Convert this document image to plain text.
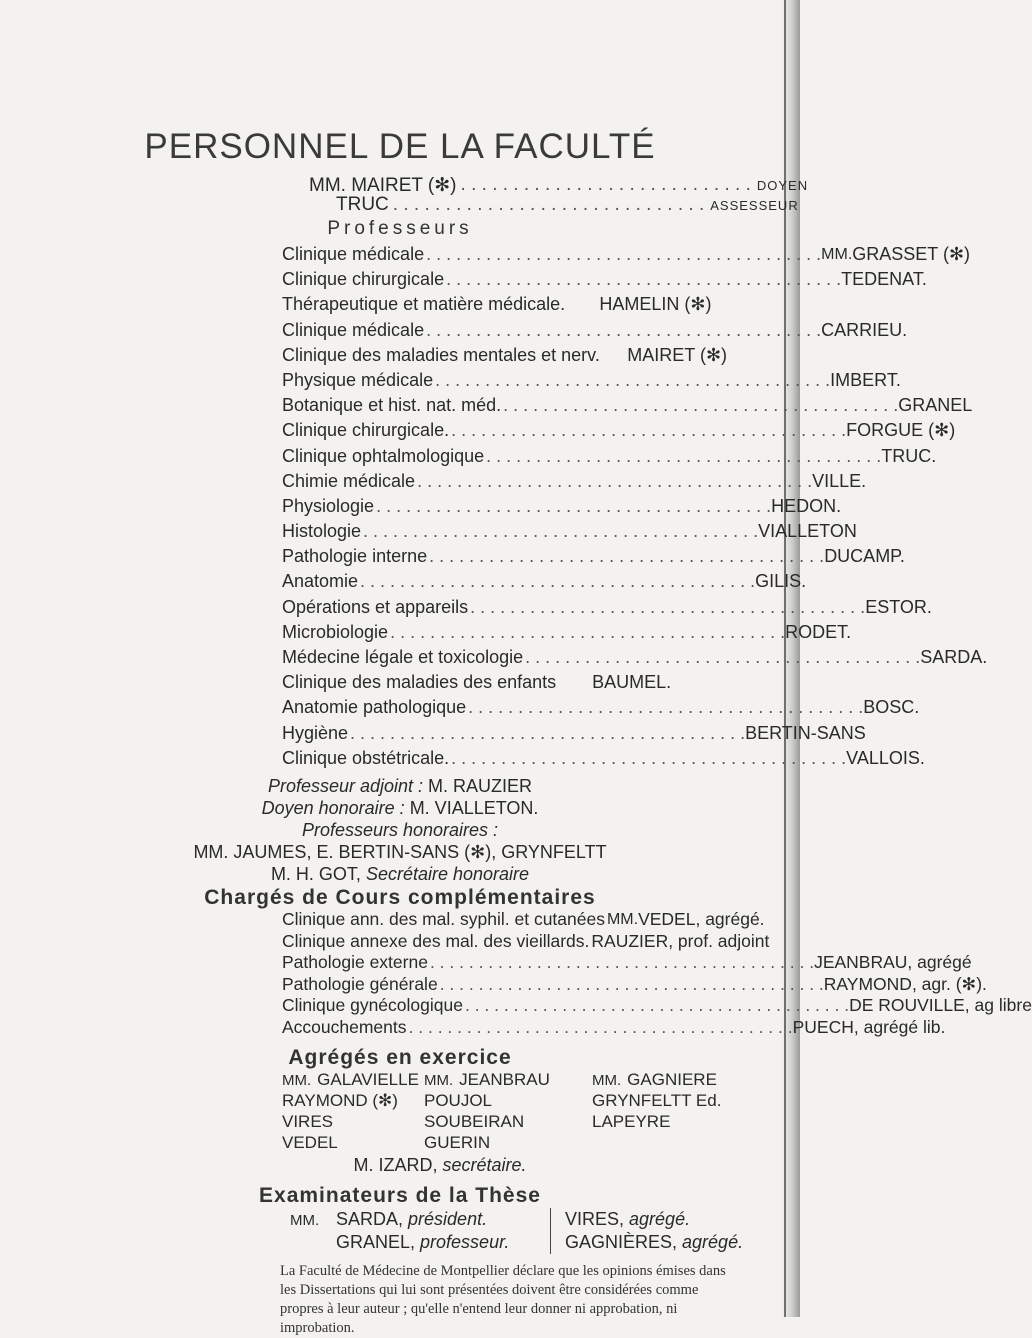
PERSONNEL DE LA FACULTÉ
MM. MAIRET (✻) . . . . . . . . . . . . . . . . . . . . . . . . . . . . DOYEN
TRUC . . . . . . . . . . . . . . . . . . . . . . . . . . . . . . ASSESSEUR
Professeurs
Clinique médicale . . . . . . . . . . . . . . . . . . . . . . . . . . . . . . . . . . . . . . . . MM. GRASSET (✻)
Clinique chirurgicale . . . . . . . . . . . . . . . . . . . . . . . . . . . . . . . . . . . . . . . . TEDENAT.
Thérapeutique et matière médicale. HAMELIN (✻)
Clinique médicale . . . . . . . . . . . . . . . . . . . . . . . . . . . . . . . . . . . . . . . . CARRIEU.
Clinique des maladies mentales et nerv. MAIRET (✻)
Physique médicale . . . . . . . . . . . . . . . . . . . . . . . . . . . . . . . . . . . . . . . . IMBERT.
Botanique et hist. nat. méd. . . . . . . . . . . . . . . . . . . . . . . . . . . . . . . . . . . . . . . . . GRANEL
Clinique chirurgicale. . . . . . . . . . . . . . . . . . . . . . . . . . . . . . . . . . . . . . . . . FORGUE (✻)
Clinique ophtalmologique . . . . . . . . . . . . . . . . . . . . . . . . . . . . . . . . . . . . . . . . TRUC.
Chimie médicale . . . . . . . . . . . . . . . . . . . . . . . . . . . . . . . . . . . . . . . . VILLE.
Physiologie . . . . . . . . . . . . . . . . . . . . . . . . . . . . . . . . . . . . . . . . HEDON.
Histologie . . . . . . . . . . . . . . . . . . . . . . . . . . . . . . . . . . . . . . . . VIALLETON
Pathologie interne . . . . . . . . . . . . . . . . . . . . . . . . . . . . . . . . . . . . . . . . DUCAMP.
Anatomie . . . . . . . . . . . . . . . . . . . . . . . . . . . . . . . . . . . . . . . . GILIS.
Opérations et appareils . . . . . . . . . . . . . . . . . . . . . . . . . . . . . . . . . . . . . . . . ESTOR.
Microbiologie . . . . . . . . . . . . . . . . . . . . . . . . . . . . . . . . . . . . . . . . RODET.
Médecine légale et toxicologie . . . . . . . . . . . . . . . . . . . . . . . . . . . . . . . . . . . . . . . . SARDA.
Clinique des maladies des enfants BAUMEL.
Anatomie pathologique . . . . . . . . . . . . . . . . . . . . . . . . . . . . . . . . . . . . . . . . BOSC.
Hygiène . . . . . . . . . . . . . . . . . . . . . . . . . . . . . . . . . . . . . . . . BERTIN-SANS
Clinique obstétricale. . . . . . . . . . . . . . . . . . . . . . . . . . . . . . . . . . . . . . . . . VALLOIS.
Professeur adjoint : M. RAUZIER
Doyen honoraire : M. VIALLETON.
Professeurs honoraires :
MM. JAUMES, E. BERTIN-SANS (✻), GRYNFELTT
M. H. GOT, Secrétaire honoraire
Chargés de Cours complémentaires
Clinique ann. des mal. syphil. et cutanées MM. VEDEL, agrégé.
Clinique annexe des mal. des vieillards. RAUZIER, prof. adjoint
Pathologie externe . . . . . . . . . . . . . . . . . . . . . . . . . . . . . . . . . . . . . . . . JEANBRAU, agrégé
Pathologie générale . . . . . . . . . . . . . . . . . . . . . . . . . . . . . . . . . . . . . . . . RAYMOND, agr. (✻).
Clinique gynécologique . . . . . . . . . . . . . . . . . . . . . . . . . . . . . . . . . . . . . . . . DE ROUVILLE, ag libre
Accouchements . . . . . . . . . . . . . . . . . . . . . . . . . . . . . . . . . . . . . . . . PUECH, agrégé lib.
Agrégés en exercice
MM. GALAVIELLE
RAYMOND (✻)
VIRES
VEDEL
MM. JEANBRAU
POUJOL
SOUBEIRAN
GUERIN
MM. GAGNIERE
GRYNFELTT Ed.
LAPEYRE
M. IZARD, secrétaire.
Examinateurs de la Thèse
MM. SARDA, président.
GRANEL, professeur.
VIRES, agrégé.
GAGNIÈRES, agrégé.
La Faculté de Médecine de Montpellier déclare que les opinions émises dans les Dissertations qui lui sont présentées doivent être considérées comme propres à leur auteur ; qu'elle n'entend leur donner ni approbation, ni improbation.
